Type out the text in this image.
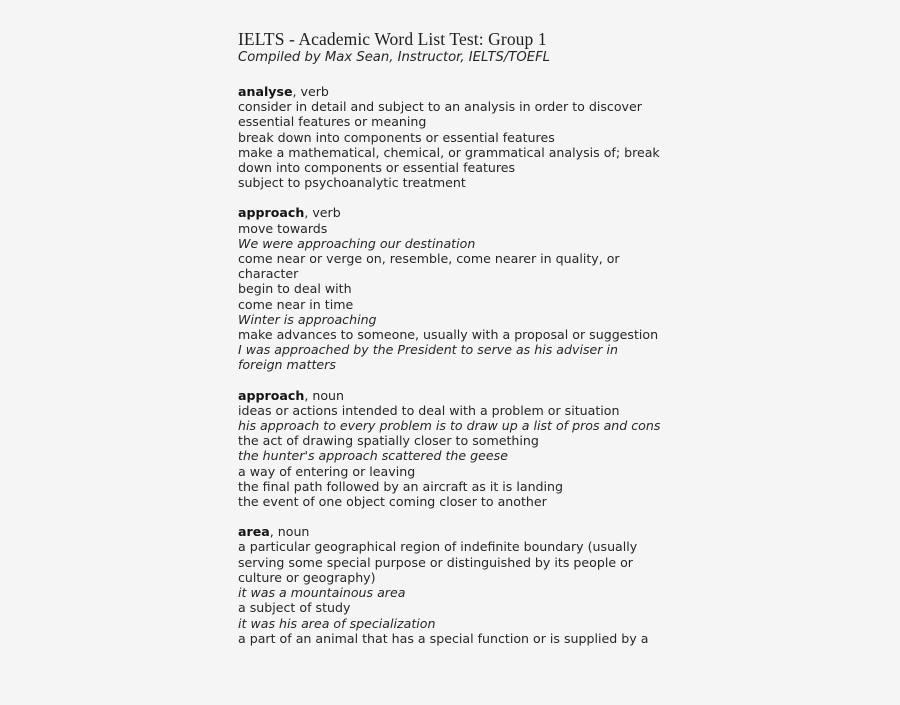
IELTS - Academic Word List Test: Group 1
Compiled by Max Sean, Instructor, IELTS/TOEFL
analyse, verb
consider in detail and subject to an analysis in order to discover essential features or meaning
break down into components or essential features
make a mathematical, chemical, or grammatical analysis of; break down into components or essential features
subject to psychoanalytic treatment
approach, verb
move towards
We were approaching our destination
come near or verge on, resemble, come nearer in quality, or character
begin to deal with
come near in time
Winter is approaching
make advances to someone, usually with a proposal or suggestion
I was approached by the President to serve as his adviser in foreign matters
approach, noun
ideas or actions intended to deal with a problem or situation
his approach to every problem is to draw up a list of pros and cons
the act of drawing spatially closer to something
the hunter's approach scattered the geese
a way of entering or leaving
the final path followed by an aircraft as it is landing
the event of one object coming closer to another
area, noun
a particular geographical region of indefinite boundary (usually serving some special purpose or distinguished by its people or culture or geography)
it was a mountainous area
a subject of study
it was his area of specialization
a part of an animal that has a special function or is supplied by a
